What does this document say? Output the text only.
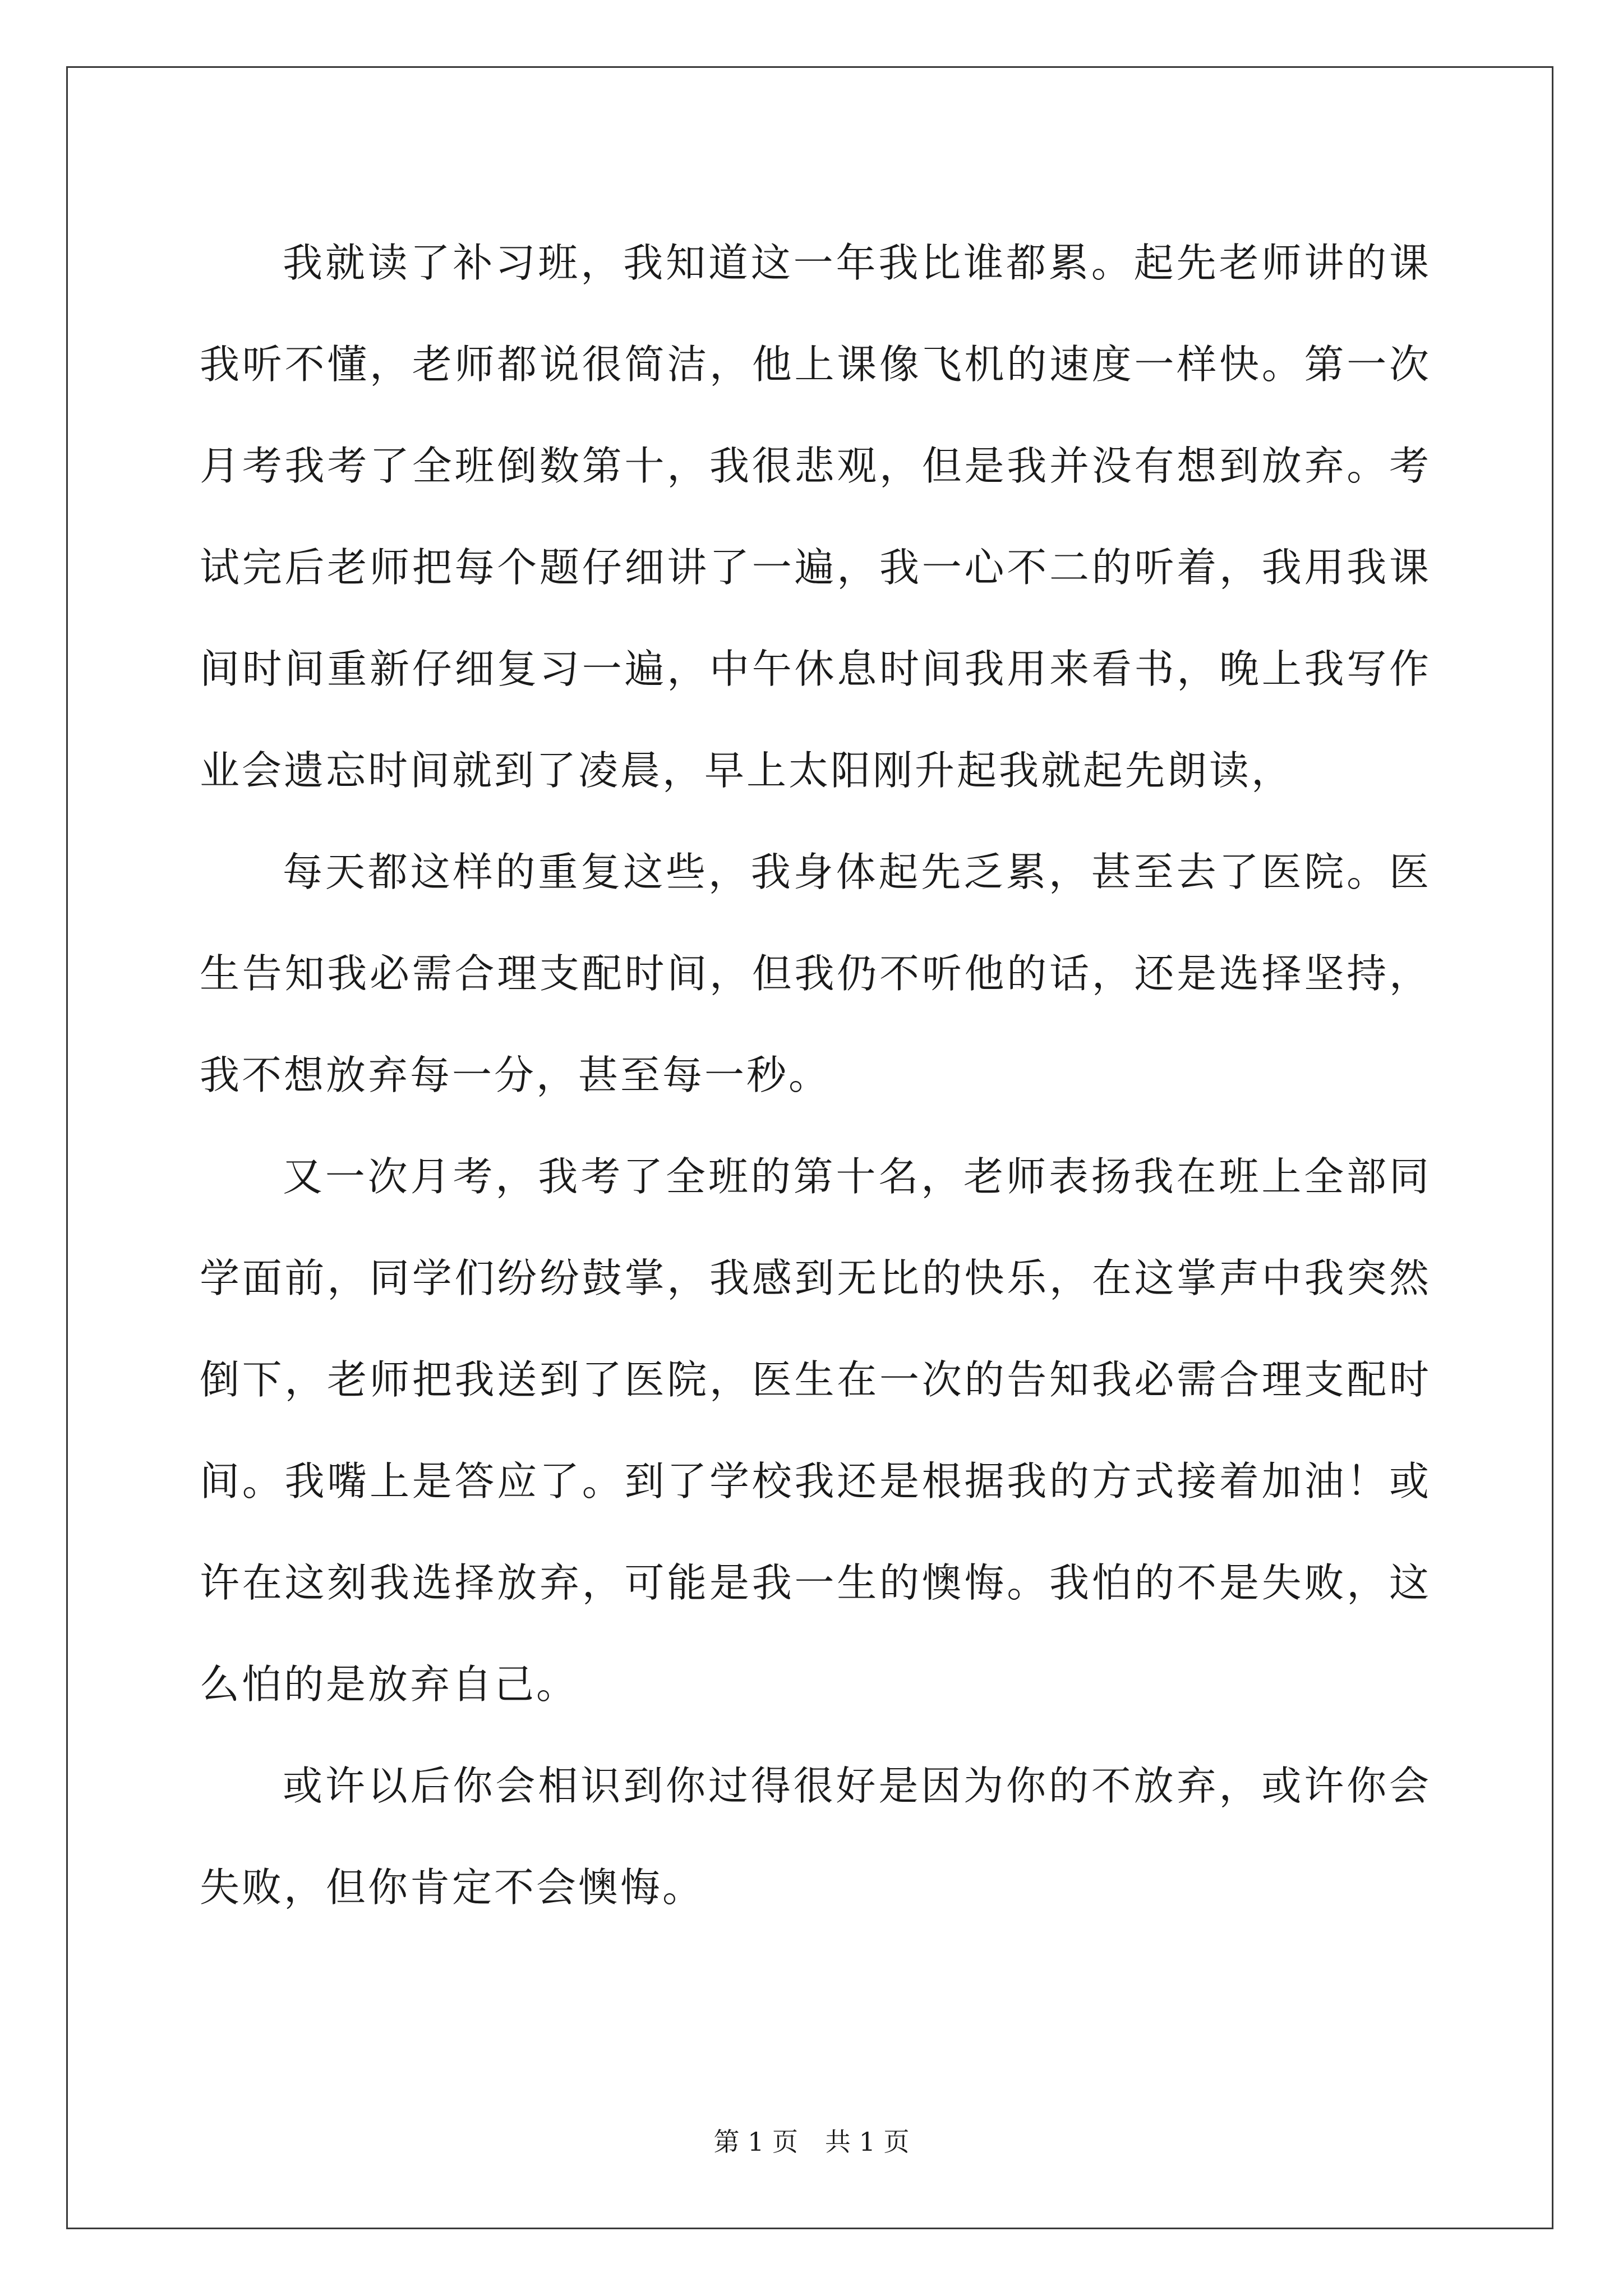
我就读了补习班，我知道这一年我比谁都累。起先老师讲的课我听不懂，老师都说很简洁，他上课像飞机的速度一样快。第一次月考我考了全班倒数第十，我很悲观，但是我并没有想到放弃。考试完后老师把每个题仔细讲了一遍，我一心不二的听着，我用我课间时间重新仔细复习一遍，中午休息时间我用来看书，晚上我写作业会遗忘时间就到了凌晨，早上太阳刚升起我就起先朗读，

每天都这样的重复这些，我身体起先乏累，甚至去了医院。医生告知我必需合理支配时间，但我仍不听他的话，还是选择坚持，我不想放弃每一分，甚至每一秒。

又一次月考，我考了全班的第十名，老师表扬我在班上全部同学面前，同学们纷纷鼓掌，我感到无比的快乐，在这掌声中我突然倒下，老师把我送到了医院，医生在一次的告知我必需合理支配时间。我嘴上是答应了。到了学校我还是根据我的方式接着加油！或许在这刻我选择放弃，可能是我一生的懊悔。我怕的不是失败，这么怕的是放弃自己。

或许以后你会相识到你过得很好是因为你的不放弃，或许你会失败，但你肯定不会懊悔。

第 1 页 共 1 页
